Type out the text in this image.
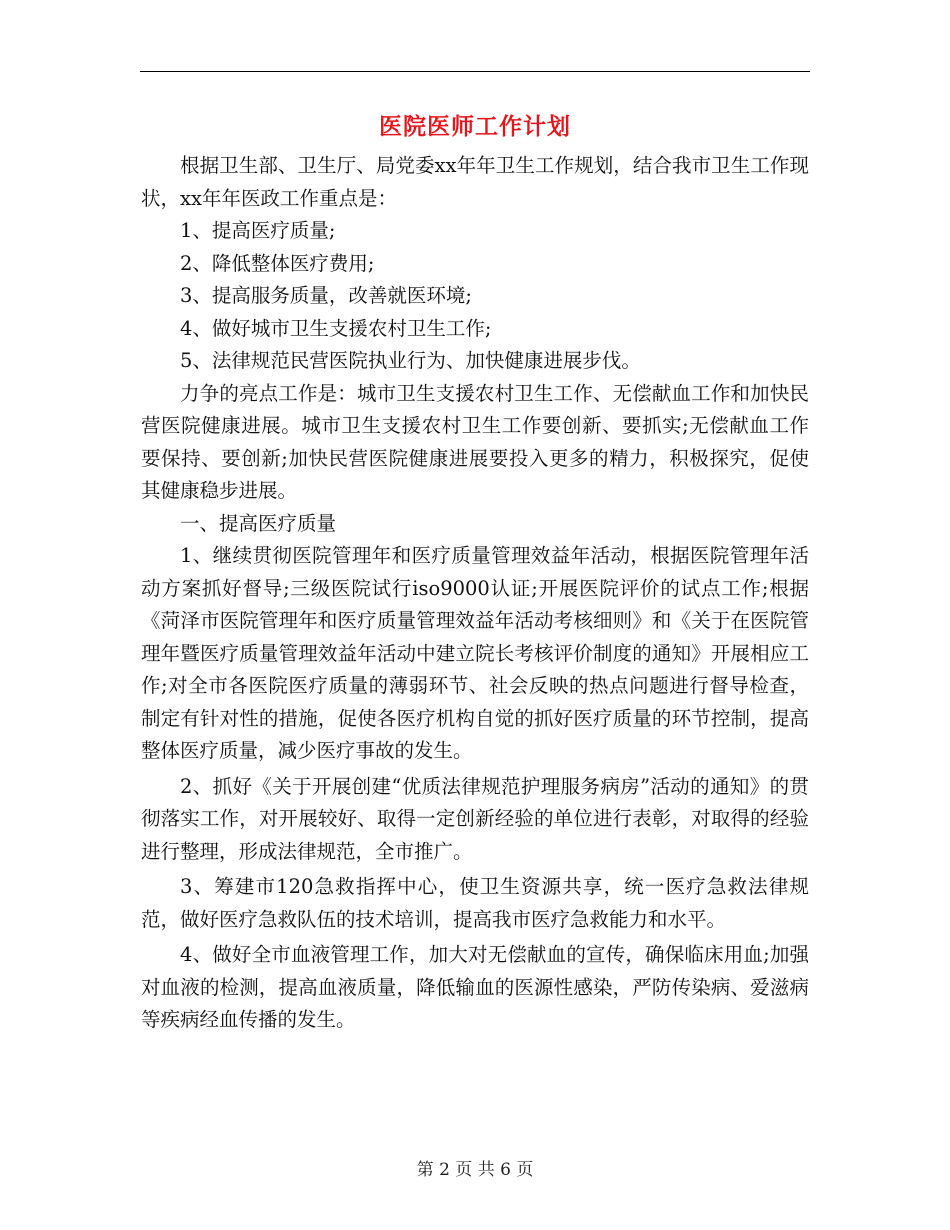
医院医师工作计划

根据卫生部、卫生厅、局党委xx年年卫生工作规划，结合我市卫生工作现状，xx年年医政工作重点是：

1、提高医疗质量;

2、降低整体医疗费用;

3、提高服务质量，改善就医环境;

4、做好城市卫生支援农村卫生工作;

5、法律规范民营医院执业行为、加快健康进展步伐。

力争的亮点工作是：城市卫生支援农村卫生工作、无偿献血工作和加快民营医院健康进展。城市卫生支援农村卫生工作要创新、要抓实;无偿献血工作要保持、要创新;加快民营医院健康进展要投入更多的精力，积极探究，促使其健康稳步进展。

一、提高医疗质量

1、继续贯彻医院管理年和医疗质量管理效益年活动，根据医院管理年活动方案抓好督导;三级医院试行iso9000认证;开展医院评价的试点工作;根据《菏泽市医院管理年和医疗质量管理效益年活动考核细则》和《关于在医院管理年暨医疗质量管理效益年活动中建立院长考核评价制度的通知》开展相应工作;对全市各医院医疗质量的薄弱环节、社会反映的热点问题进行督导检查，制定有针对性的措施，促使各医疗机构自觉的抓好医疗质量的环节控制，提高整体医疗质量，减少医疗事故的发生。

2、抓好《关于开展创建“优质法律规范护理服务病房”活动的通知》的贯彻落实工作，对开展较好、取得一定创新经验的单位进行表彰，对取得的经验进行整理，形成法律规范，全市推广。

3、筹建市120急救指挥中心，使卫生资源共享，统一医疗急救法律规范，做好医疗急救队伍的技术培训，提高我市医疗急救能力和水平。

4、做好全市血液管理工作，加大对无偿献血的宣传，确保临床用血;加强对血液的检测，提高血液质量，降低输血的医源性感染，严防传染病、爱滋病等疾病经血传播的发生。

第 2 页 共 6 页
